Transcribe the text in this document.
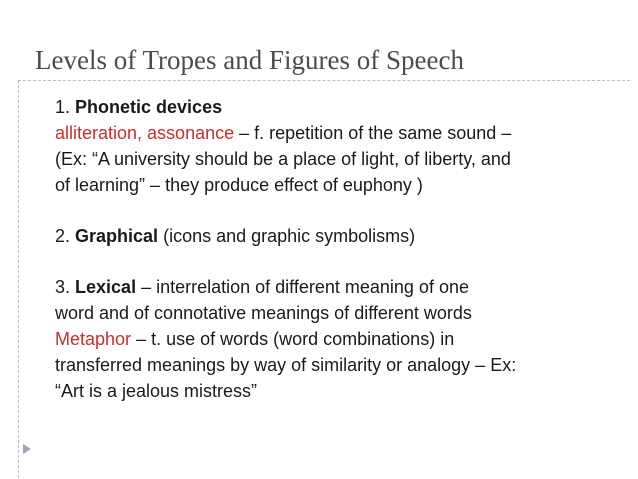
Levels of Tropes and Figures of Speech
1. Phonetic devices
alliteration, assonance – f. repetition of the same sound –
(Ex: “A university should be a place of light, of liberty, and
of learning” – they produce effect of euphony )
2. Graphical (icons and graphic symbolisms)
3. Lexical – interrelation of different meaning of one
word and of connotative meanings of different words
Metaphor – t. use of words (word combinations) in
transferred meanings by way of similarity or analogy – Ex:
“Art is a jealous mistress”
